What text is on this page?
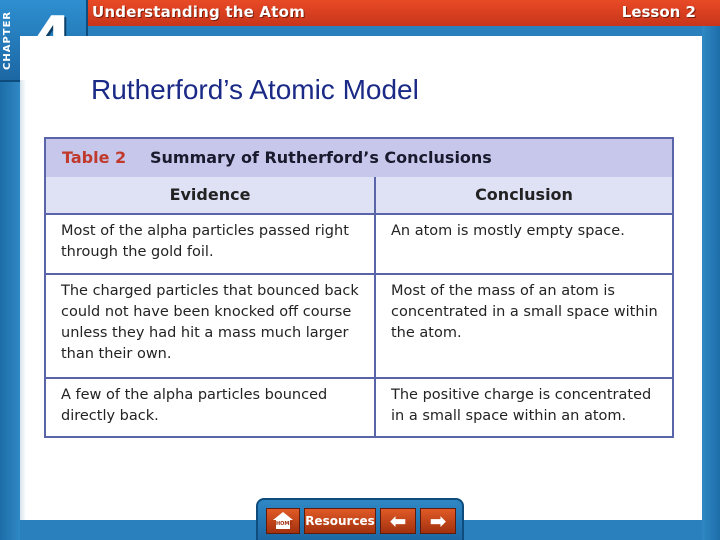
Understanding the Atom	Lesson 2
CHAPTER
Rutherford’s Atomic Model
Table 2 Summary of Rutherford’s Conclusions
Evidence	Conclusion
Most of the alpha particles passed right through the gold foil.
An atom is mostly empty space.
The charged particles that bounced back could not have been knocked off course unless they had hit a mass much larger than their own.
Most of the mass of an atom is concentrated in a small space within the atom.
A few of the alpha particles bounced directly back.
The positive charge is concentrated in a small space within an atom.
HOME Resources ⬅ ➡
